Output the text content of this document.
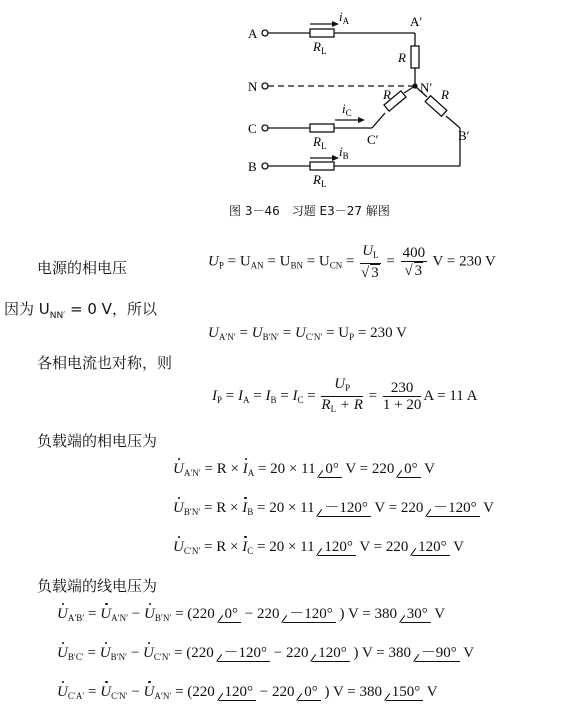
A
N
C
B
A′
N′
C′	B′
R
R	R
$R_L$
$R_L$
$R_L$
$i_A$
$i_C$
$i_B$
图 3－46　习题 E3－27 解图
电源的相电压	$U_P = U_{AN} = U_{BN} = U_{CN} = \frac{U_L}{√ 3} = \frac{400}{√ 3}$ V = 230 V
因为 $U_{NN'} = 0$ V，所以
$U_{A'N'} = U_{B'N'} = U_{C'N'} = U_P = 230$ V
各相电流也对称，则
$I_P = I_A = I_B = I_C = \frac{U_P}{R_L + R} = \frac{230}{1 + 20}$ A = 11 A
负载端的相电压为
$U_{A'N'} = R \times I_A = 20 \times 11$ 0° V = 220 0° V
$U_{B'N'} = R \times I_B = 20 \times 11 -120^\circ$ V = 220 －120° V
$U_{C'N'} = R \times I_C = 20 \times 11$ 120° V = 220 120° V
负载端的线电压为
$U_{A'B'} = U_{A'N'} - U_{B'N'} = (220$ 0° − 220 －120° ) V = 380 30° V
$U_{B'C'} = U_{B'N'} - U_{C'N'} = (220 -120^\circ - 220$ 120° ) V = 380 －90° V
$U_{C'A'} = U_{C'N'} - U_{A'N'} = (220$ 120° − 220 0° ) V = 380 150° V
